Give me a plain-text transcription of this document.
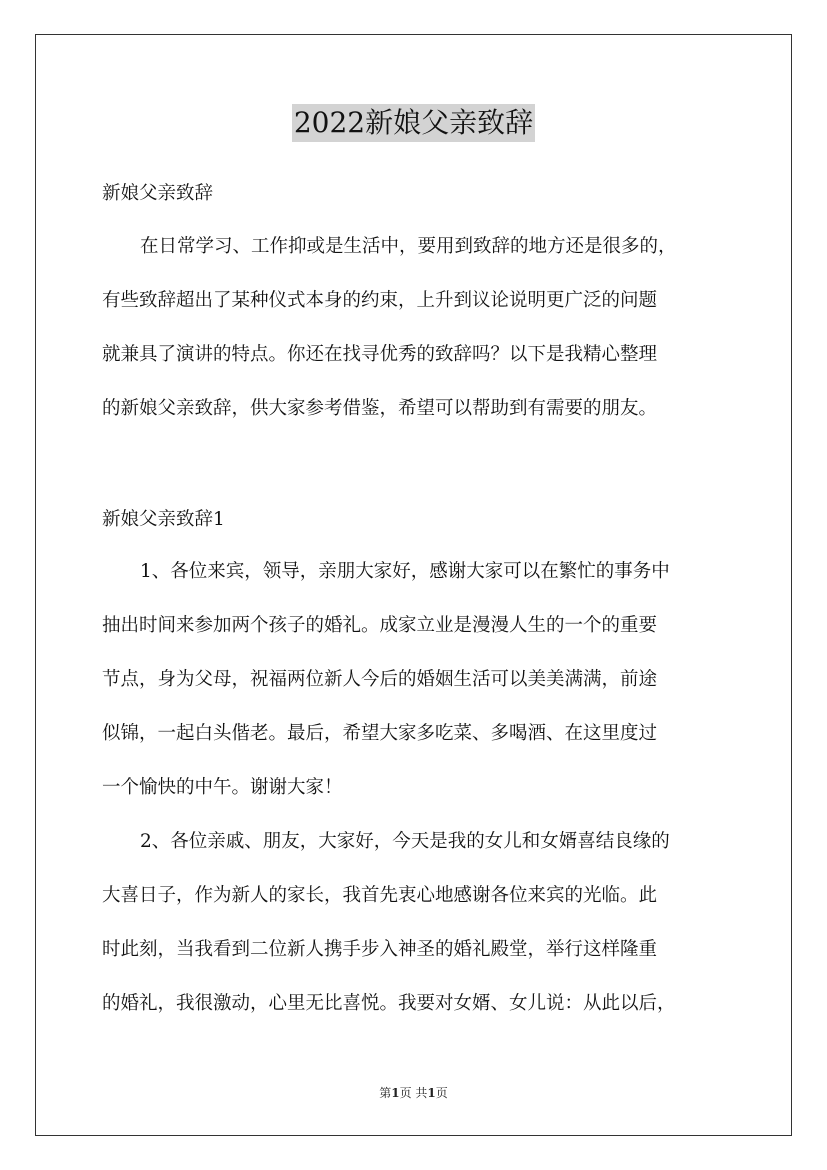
2022新娘父亲致辞
新娘父亲致辞
在日常学习、工作抑或是生活中，要用到致辞的地方还是很多的，
有些致辞超出了某种仪式本身的约束，上升到议论说明更广泛的问题
就兼具了演讲的特点。你还在找寻优秀的致辞吗？以下是我精心整理
的新娘父亲致辞，供大家参考借鉴，希望可以帮助到有需要的朋友。
新娘父亲致辞1
1、各位来宾，领导，亲朋大家好，感谢大家可以在繁忙的事务中
抽出时间来参加两个孩子的婚礼。成家立业是漫漫人生的一个的重要
节点，身为父母，祝福两位新人今后的婚姻生活可以美美满满，前途
似锦，一起白头偕老。最后，希望大家多吃菜、多喝酒、在这里度过
一个愉快的中午。谢谢大家！
2、各位亲戚、朋友，大家好，今天是我的女儿和女婿喜结良缘的
大喜日子，作为新人的家长，我首先衷心地感谢各位来宾的光临。此
时此刻，当我看到二位新人携手步入神圣的婚礼殿堂，举行这样隆重
的婚礼，我很激动，心里无比喜悦。我要对女婿、女儿说：从此以后，
第1页 共1页
